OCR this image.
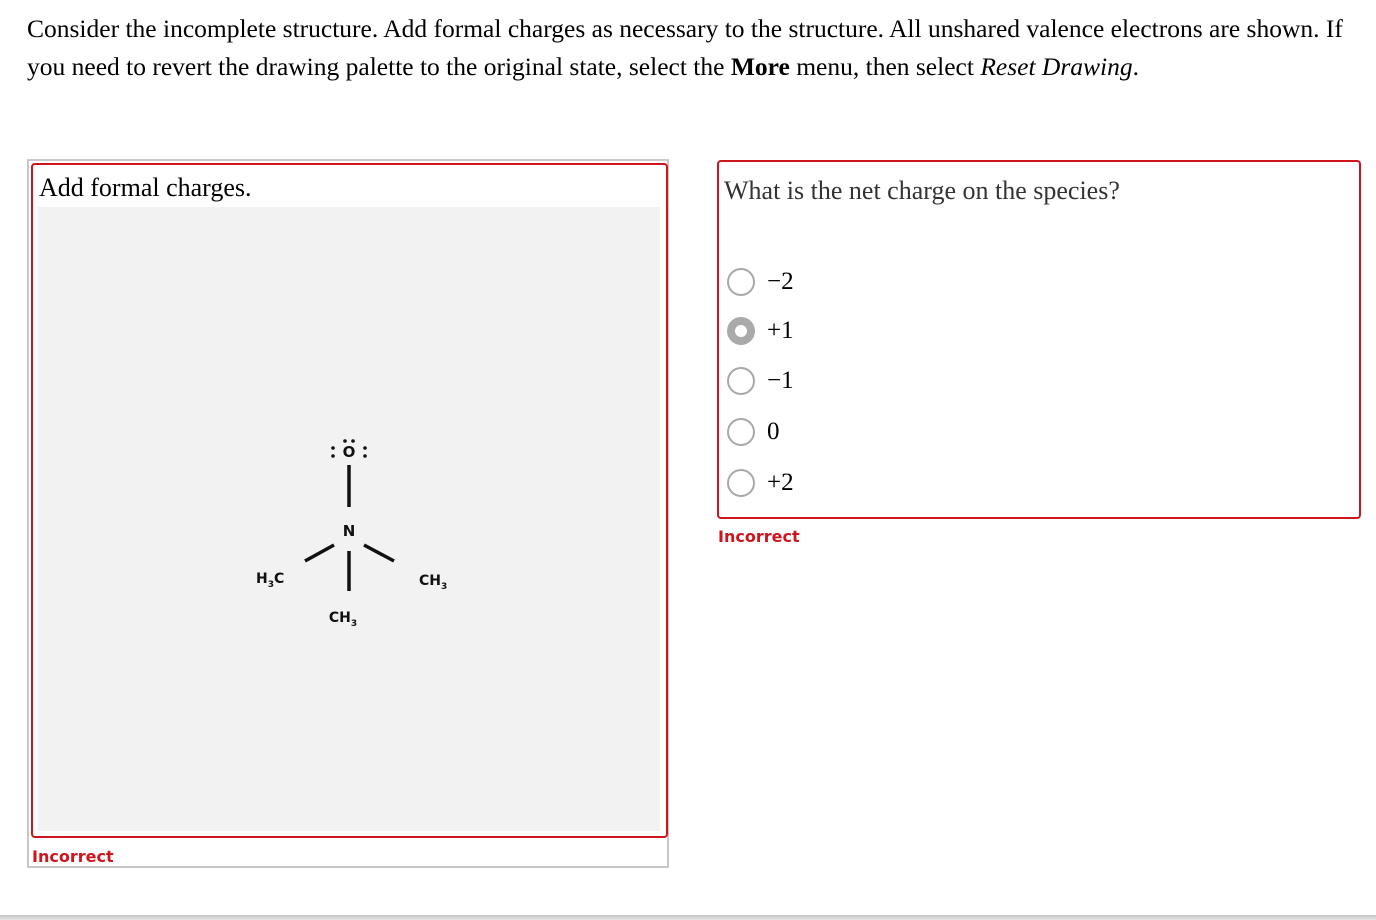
Consider the incomplete structure. Add formal charges as necessary to the structure. All unshared valence electrons are shown. If you need to revert the drawing palette to the original state, select the More menu, then select Reset Drawing.
Add formal charges.
O
N
$H_3C$	$CH_3$
$CH_3$
Incorrect
What is the net charge on the species?
−2
+1
−1
0
+2
Incorrect
